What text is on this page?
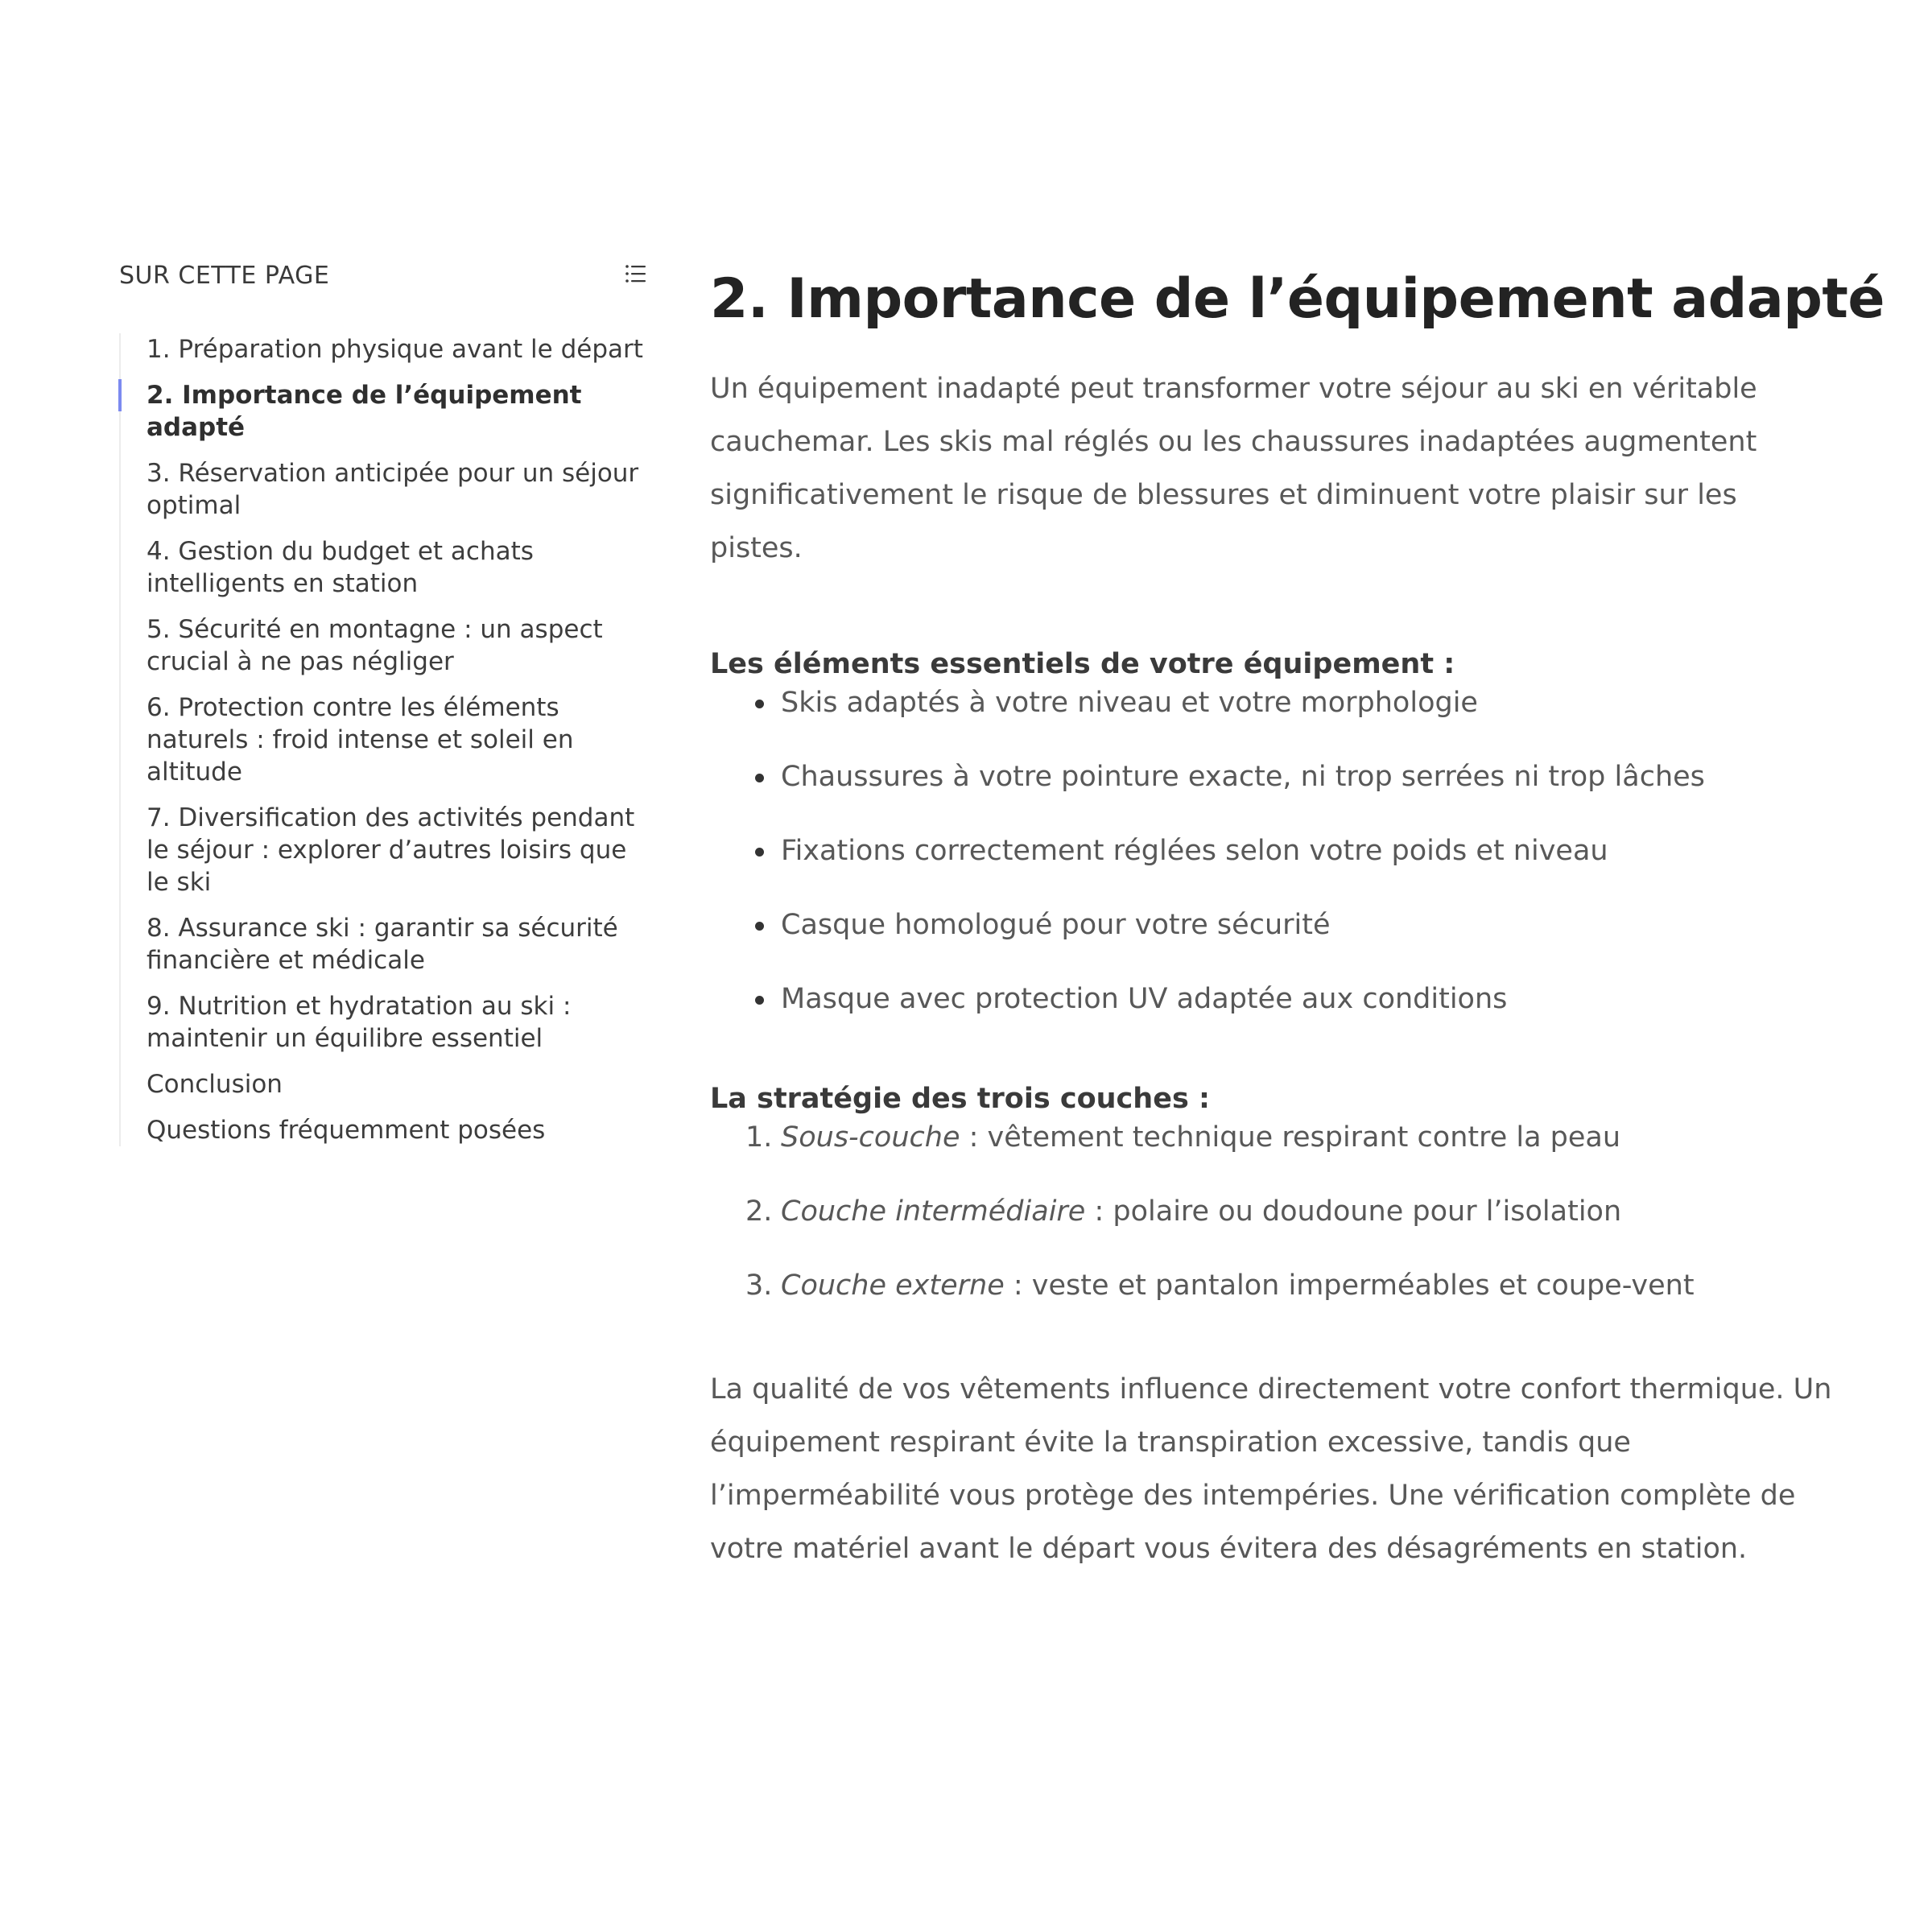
SUR CETTE PAGE
1. Préparation physique avant le départ
2. Importance de l’équipement adapté
3. Réservation anticipée pour un séjour optimal
4. Gestion du budget et achats intelligents en station
5. Sécurité en montagne : un aspect crucial à ne pas négliger
6. Protection contre les éléments naturels : froid intense et soleil en altitude
7. Diversification des activités pendant le séjour : explorer d’autres loisirs que le ski
8. Assurance ski : garantir sa sécurité financière et médicale
9. Nutrition et hydratation au ski : maintenir un équilibre essentiel
Conclusion
Questions fréquemment posées
2. Importance de l’équipement adapté

Un équipement inadapté peut transformer votre séjour au ski en véritable cauchemar. Les skis mal réglés ou les chaussures inadaptées augmentent significativement le risque de blessures et diminuent votre plaisir sur les pistes.

Les éléments essentiels de votre équipement :

Skis adaptés à votre niveau et votre morphologie
Chaussures à votre pointure exacte, ni trop serrées ni trop lâches
Fixations correctement réglées selon votre poids et niveau
Casque homologué pour votre sécurité
Masque avec protection UV adaptée aux conditions

La stratégie des trois couches :

1. Sous-couche : vêtement technique respirant contre la peau
2. Couche intermédiaire : polaire ou doudoune pour l’isolation
3. Couche externe : veste et pantalon imperméables et coupe-vent

La qualité de vos vêtements influence directement votre confort thermique. Un équipement respirant évite la transpiration excessive, tandis que l’imperméabilité vous protège des intempéries. Une vérification complète de votre matériel avant le départ vous évitera des désagréments en station.
